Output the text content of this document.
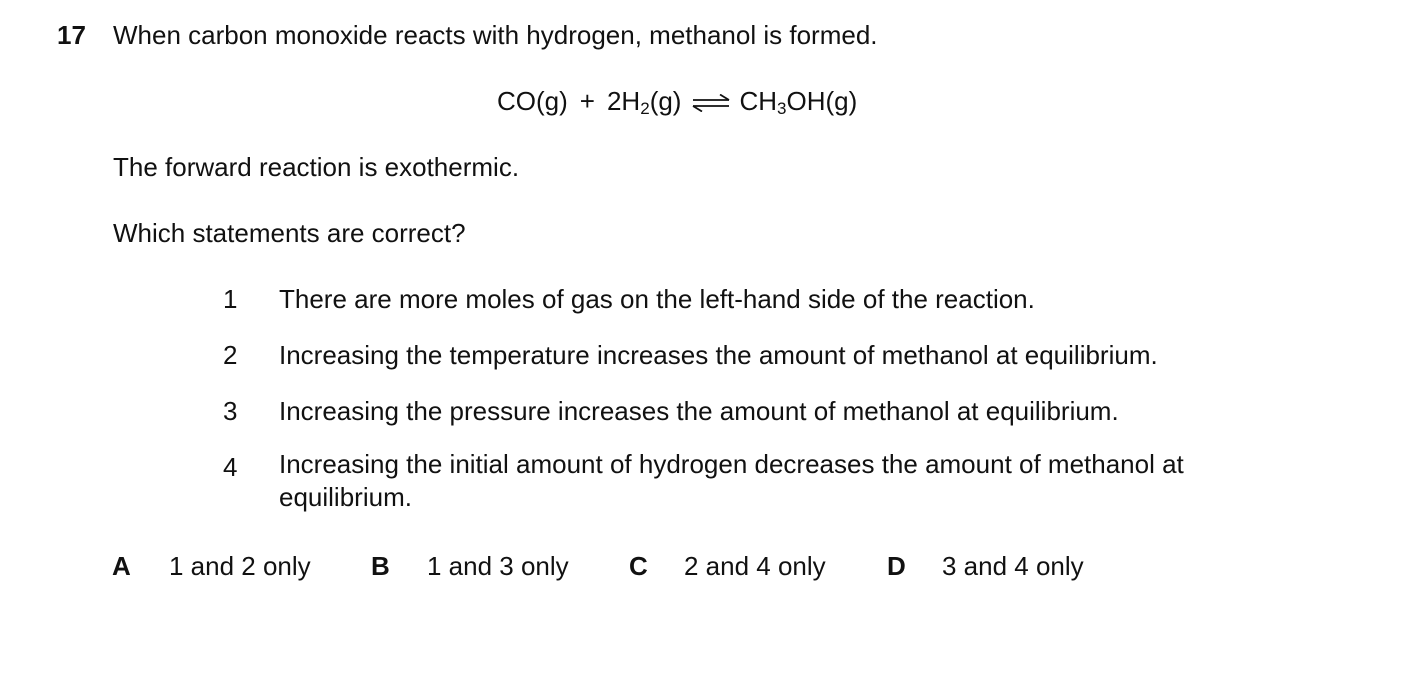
17 When carbon monoxide reacts with hydrogen, methanol is formed.
$CO(g) + 2H_2(g)$ ⇌ $CH_3OH(g)$
The forward reaction is exothermic.
Which statements are correct?
1 There are more moles of gas on the left-hand side of the reaction.
2 Increasing the temperature increases the amount of methanol at equilibrium.
3 Increasing the pressure increases the amount of methanol at equilibrium.
4 Increasing the initial amount of hydrogen decreases the amount of methanol at equilibrium.
A 1 and 2 only B 1 and 3 only C 2 and 4 only D 3 and 4 only
